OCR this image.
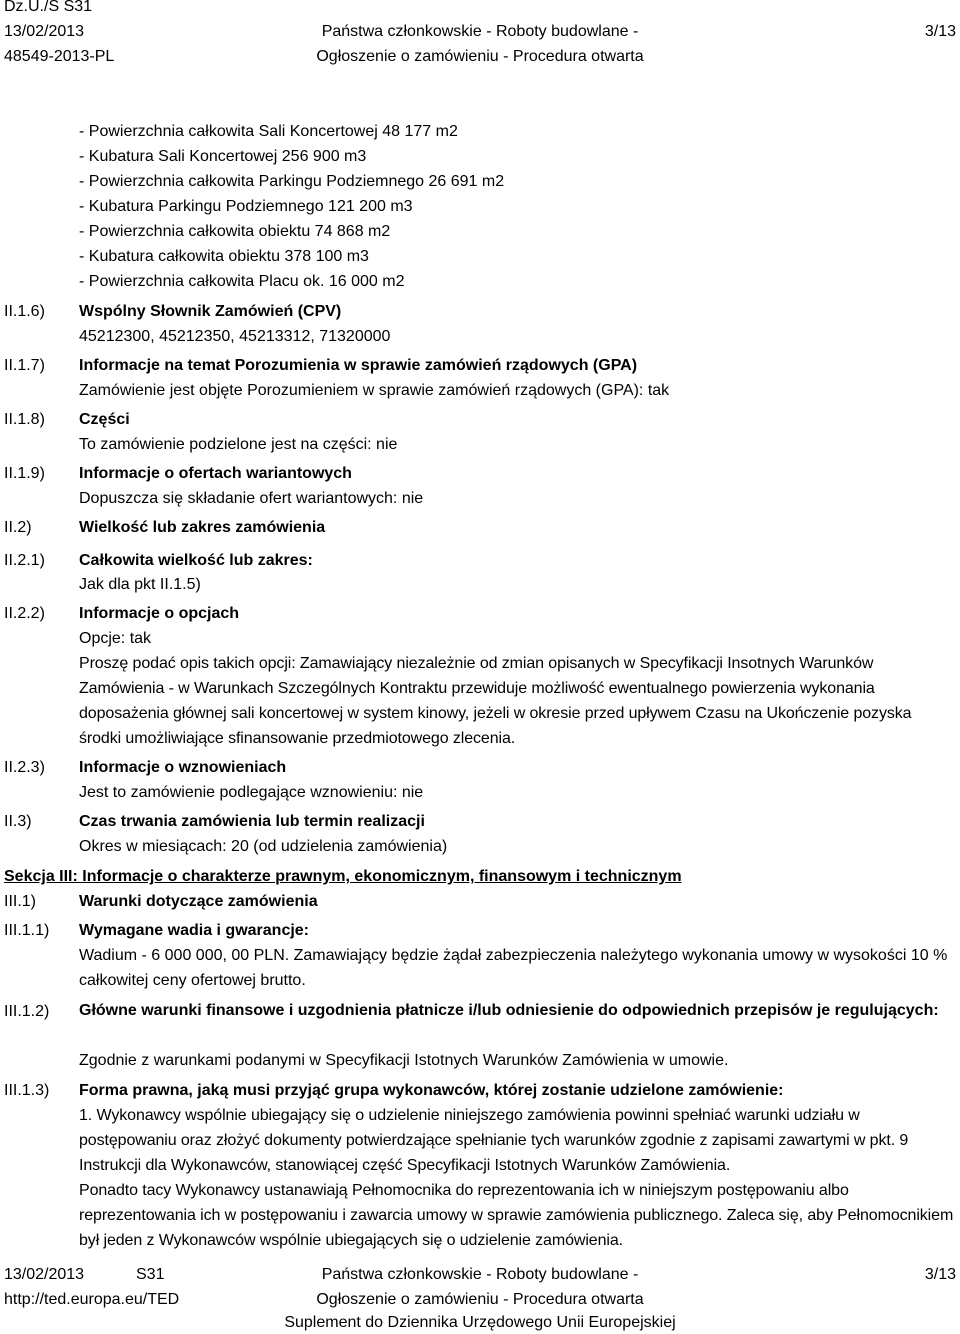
Dz.U./S S31
13/02/2013
48549-2013-PL
Państwa członkowskie - Roboty budowlane -
Ogłoszenie o zamówieniu - Procedura otwarta
3/13
- Powierzchnia całkowita Sali Koncertowej 48 177 m2
- Kubatura Sali Koncertowej 256 900 m3
- Powierzchnia całkowita Parkingu Podziemnego 26 691 m2
- Kubatura Parkingu Podziemnego 121 200 m3
- Powierzchnia całkowita obiektu 74 868 m2
- Kubatura całkowita obiektu 378 100 m3
- Powierzchnia całkowita Placu ok. 16 000 m2
II.1.6) Wspólny Słownik Zamówień (CPV)
45212300, 45212350, 45213312, 71320000
II.1.7) Informacje na temat Porozumienia w sprawie zamówień rządowych (GPA)
Zamówienie jest objęte Porozumieniem w sprawie zamówień rządowych (GPA): tak
II.1.8) Części
To zamówienie podzielone jest na części: nie
II.1.9) Informacje o ofertach wariantowych
Dopuszcza się składanie ofert wariantowych: nie
II.2)	Wielkość lub zakres zamówienia
II.2.1) Całkowita wielkość lub zakres:
Jak dla pkt II.1.5)
II.2.2) Informacje o opcjach
Opcje: tak
Proszę podać opis takich opcji: Zamawiający niezależnie od zmian opisanych w Specyfikacji Insotnych Warunków Zamówienia - w Warunkach Szczególnych Kontraktu przewiduje możliwość ewentualnego powierzenia wykonania doposażenia głównej sali koncertowej w system kinowy, jeżeli w okresie przed upływem Czasu na Ukończenie pozyska środki umożliwiające sfinansowanie przedmiotowego zlecenia.
II.2.3) Informacje o wznowieniach
Jest to zamówienie podlegające wznowieniu: nie
II.3)	Czas trwania zamówienia lub termin realizacji
Okres w miesiącach: 20 (od udzielenia zamówienia)
Sekcja III: Informacje o charakterze prawnym, ekonomicznym, finansowym i technicznym
III.1)	Warunki dotyczące zamówienia
III.1.1) Wymagane wadia i gwarancje:
Wadium - 6 000 000, 00 PLN. Zamawiający będzie żądał zabezpieczenia należytego wykonania umowy w wysokości 10 % całkowitej ceny ofertowej brutto.
III.1.2) Główne warunki finansowe i uzgodnienia płatnicze i/lub odniesienie do odpowiednich przepisów je regulujących:
Zgodnie z warunkami podanymi w Specyfikacji Istotnych Warunków Zamówienia w umowie.
III.1.3) Forma prawna, jaką musi przyjąć grupa wykonawców, której zostanie udzielone zamówienie:
1. Wykonawcy wspólnie ubiegający się o udzielenie niniejszego zamówienia powinni spełniać warunki udziału w postępowaniu oraz złożyć dokumenty potwierdzające spełnianie tych warunków zgodnie z zapisami zawartymi w pkt. 9 Instrukcji dla Wykonawców, stanowiącej część Specyfikacji Istotnych Warunków Zamówienia.
Ponadto tacy Wykonawcy ustanawiają Pełnomocnika do reprezentowania ich w niniejszym postępowaniu albo reprezentowania ich w postępowaniu i zawarcia umowy w sprawie zamówienia publicznego. Zaleca się, aby Pełnomocnikiem był jeden z Wykonawców wspólnie ubiegających się o udzielenie zamówienia.
13/02/2013	S31
http://ted.europa.eu/TED
Państwa członkowskie - Roboty budowlane -
Ogłoszenie o zamówieniu - Procedura otwarta
Suplement do Dziennika Urzędowego Unii Europejskiej
3/13
